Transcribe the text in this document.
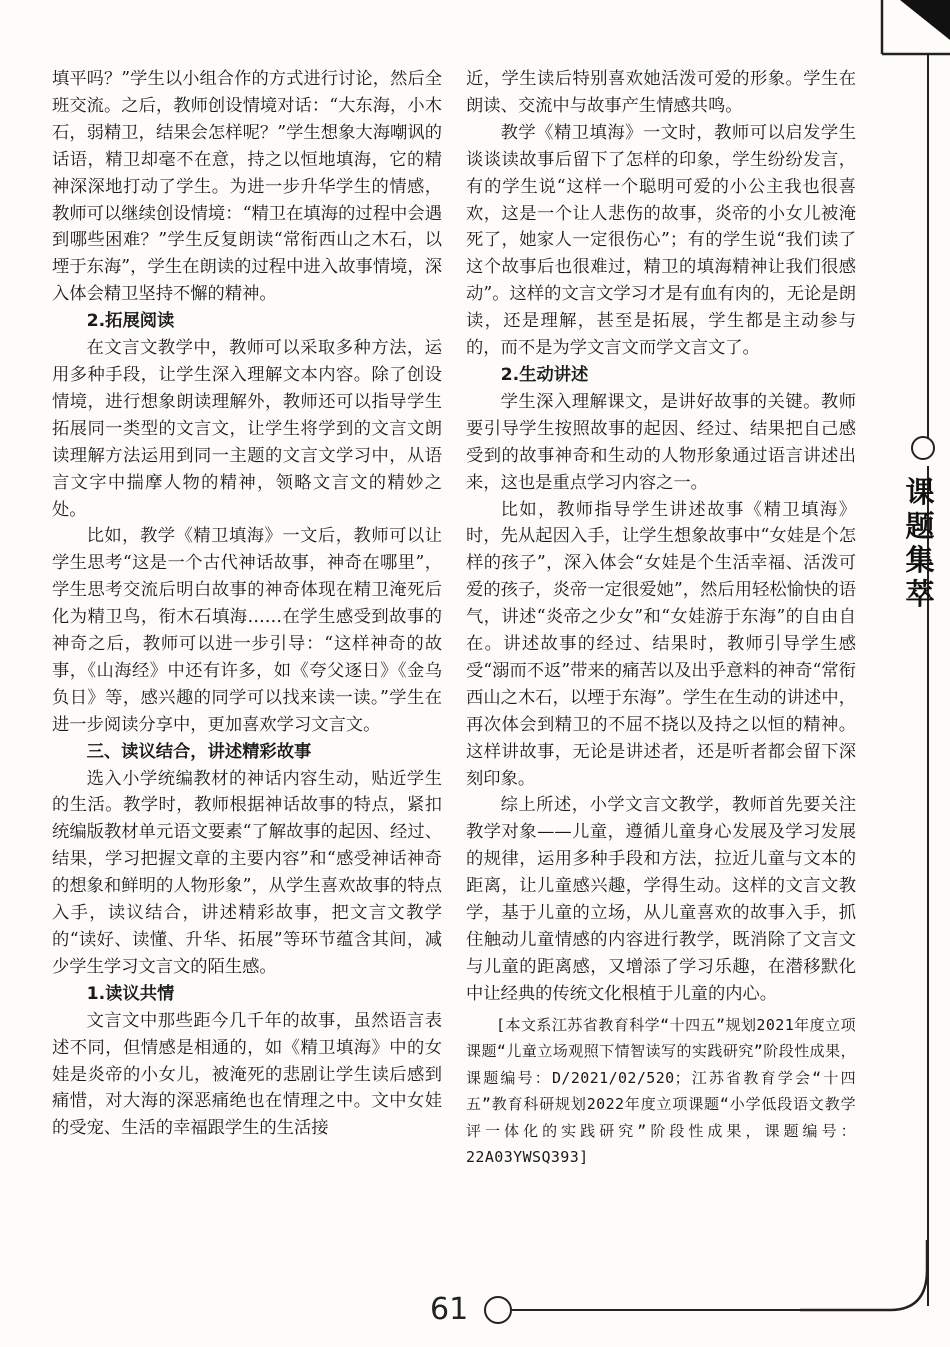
填平吗？”学生以小组合作的方式进行讨论，然后全班交流。之后，教师创设情境对话：“大东海，小木石，弱精卫，结果会怎样呢？”学生想象大海嘲讽的话语，精卫却毫不在意，持之以恒地填海，它的精神深深地打动了学生。为进一步升华学生的情感，教师可以继续创设情境：“精卫在填海的过程中会遇到哪些困难？”学生反复朗读“常衔西山之木石，以堙于东海”，学生在朗读的过程中进入故事情境，深入体会精卫坚持不懈的精神。

2.拓展阅读

在文言文教学中，教师可以采取多种方法，运用多种手段，让学生深入理解文本内容。除了创设情境，进行想象朗读理解外，教师还可以指导学生拓展同一类型的文言文，让学生将学到的文言文朗读理解方法运用到同一主题的文言文学习中，从语言文字中揣摩人物的精神，领略文言文的精妙之处。

比如，教学《精卫填海》一文后，教师可以让学生思考“这是一个古代神话故事，神奇在哪里”，学生思考交流后明白故事的神奇体现在精卫淹死后化为精卫鸟，衔木石填海……在学生感受到故事的神奇之后，教师可以进一步引导：“这样神奇的故事，《山海经》中还有许多，如《夸父逐日》《金乌负日》等，感兴趣的同学可以找来读一读。”学生在进一步阅读分享中，更加喜欢学习文言文。

三、读议结合，讲述精彩故事

选入小学统编教材的神话内容生动，贴近学生的生活。教学时，教师根据神话故事的特点，紧扣统编版教材单元语文要素“了解故事的起因、经过、结果，学习把握文章的主要内容”和“感受神话神奇的想象和鲜明的人物形象”，从学生喜欢故事的特点入手，读议结合，讲述精彩故事，把文言文教学的“读好、读懂、升华、拓展”等环节蕴含其间，减少学生学习文言文的陌生感。

1.读议共情

文言文中那些距今几千年的故事，虽然语言表述不同，但情感是相通的，如《精卫填海》中的女娃是炎帝的小女儿，被淹死的悲剧让学生读后感到痛惜，对大海的深恶痛绝也在情理之中。文中女娃的受宠、生活的幸福跟学生的生活接

近，学生读后特别喜欢她活泼可爱的形象。学生在朗读、交流中与故事产生情感共鸣。

教学《精卫填海》一文时，教师可以启发学生谈谈读故事后留下了怎样的印象，学生纷纷发言，有的学生说“这样一个聪明可爱的小公主我也很喜欢，这是一个让人悲伤的故事，炎帝的小女儿被淹死了，她家人一定很伤心”；有的学生说“我们读了这个故事后也很难过，精卫的填海精神让我们很感动”。这样的文言文学习才是有血有肉的，无论是朗读，还是理解，甚至是拓展，学生都是主动参与的，而不是为学文言文而学文言文了。

2.生动讲述

学生深入理解课文，是讲好故事的关键。教师要引导学生按照故事的起因、经过、结果把自己感受到的故事神奇和生动的人物形象通过语言讲述出来，这也是重点学习内容之一。

比如，教师指导学生讲述故事《精卫填海》时，先从起因入手，让学生想象故事中“女娃是个怎样的孩子”，深入体会“女娃是个生活幸福、活泼可爱的孩子，炎帝一定很爱她”，然后用轻松愉快的语气，讲述“炎帝之少女”和“女娃游于东海”的自由自在。讲述故事的经过、结果时，教师引导学生感受“溺而不返”带来的痛苦以及出乎意料的神奇“常衔西山之木石，以堙于东海”。学生在生动的讲述中，再次体会到精卫的不屈不挠以及持之以恒的精神。这样讲故事，无论是讲述者，还是听者都会留下深刻印象。

综上所述，小学文言文教学，教师首先要关注教学对象——儿童，遵循儿童身心发展及学习发展的规律，运用多种手段和方法，拉近儿童与文本的距离，让儿童感兴趣，学得生动。这样的文言文教学，基于儿童的立场，从儿童喜欢的故事入手，抓住触动儿童情感的内容进行教学，既消除了文言文与儿童的距离感，又增添了学习乐趣，在潜移默化中让经典的传统文化根植于儿童的内心。

[本文系江苏省教育科学“十四五”规划2021年度立项课题“儿童立场观照下情智读写的实践研究”阶段性成果，课题编号：D/2021/02/520；江苏省教育学会“十四五”教育科研规划2022年度立项课题“小学低段语文教学评一体化的实践研究”阶段性成果，课题编号：22A03YWSQ393]
课
题
集
萃
61
